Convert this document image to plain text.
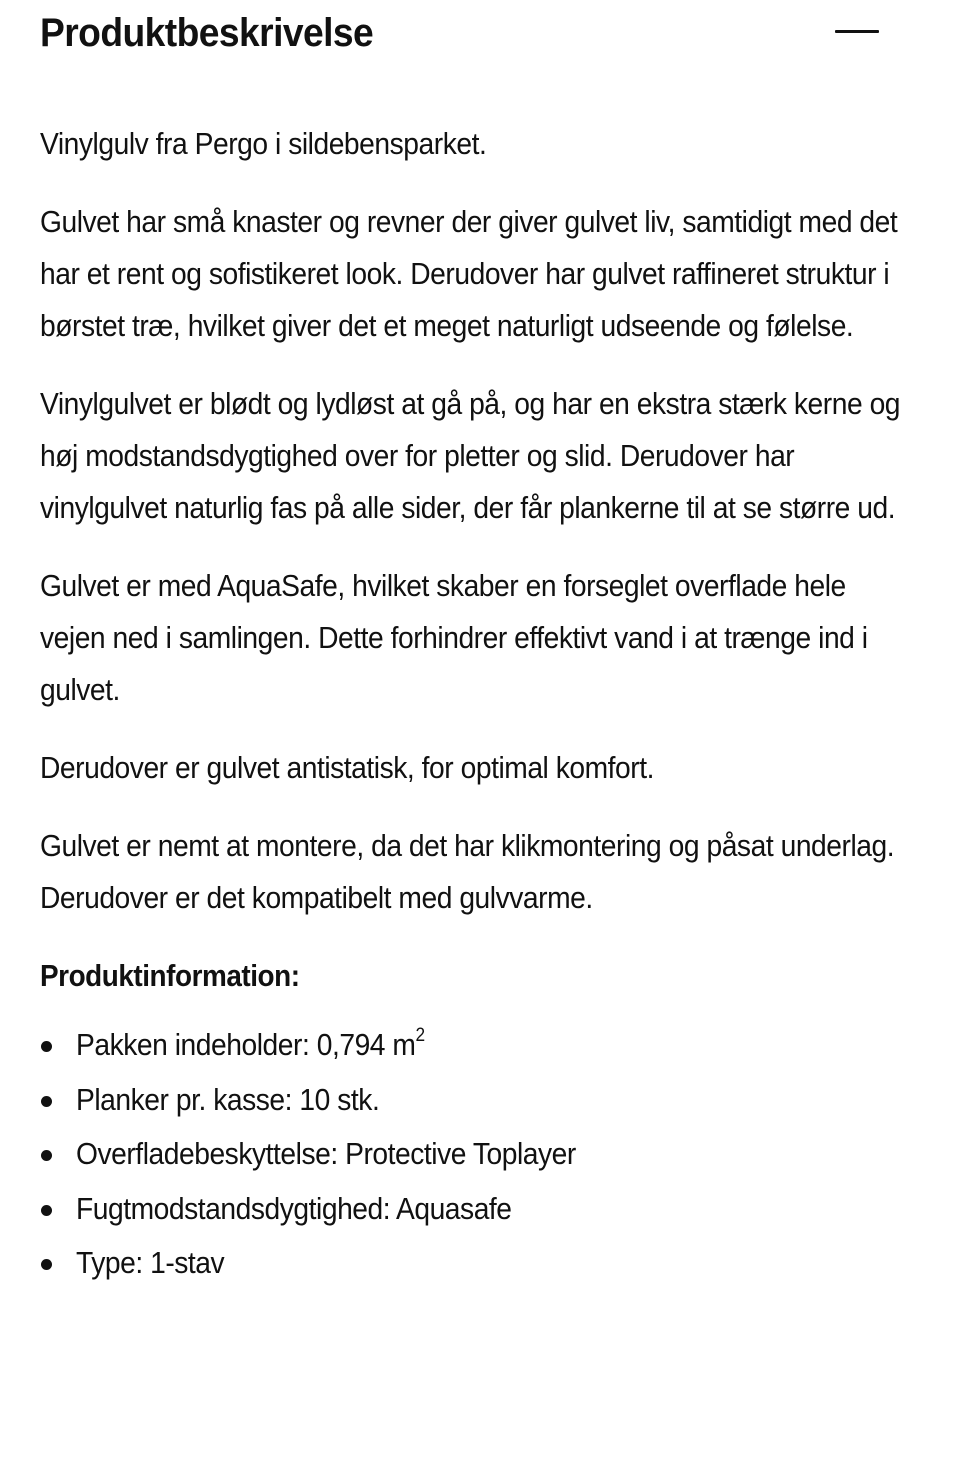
Produktbeskrivelse

Vinylgulv fra Pergo i sildebensparket.

Gulvet har små knaster og revner der giver gulvet liv, samtidigt med det har et rent og sofistikeret look. Derudover har gulvet raffineret struktur i børstet træ, hvilket giver det et meget naturligt udseende og følelse.

Vinylgulvet er blødt og lydløst at gå på, og har en ekstra stærk kerne og høj modstandsdygtighed over for pletter og slid. Derudover har vinylgulvet naturlig fas på alle sider, der får plankerne til at se større ud.

Gulvet er med AquaSafe, hvilket skaber en forseglet overflade hele vejen ned i samlingen. Dette forhindrer effektivt vand i at trænge ind i gulvet.

Derudover er gulvet antistatisk, for optimal komfort.

Gulvet er nemt at montere, da det har klikmontering og påsat underlag. Derudover er det kompatibelt med gulvvarme.

Produktinformation:
Pakken indeholder: 0,794 $m^2$
Planker pr. kasse: 10 stk.
Overfladebeskyttelse: Protective Toplayer
Fugtmodstandsdygtighed: Aquasafe
Type: 1-stav
